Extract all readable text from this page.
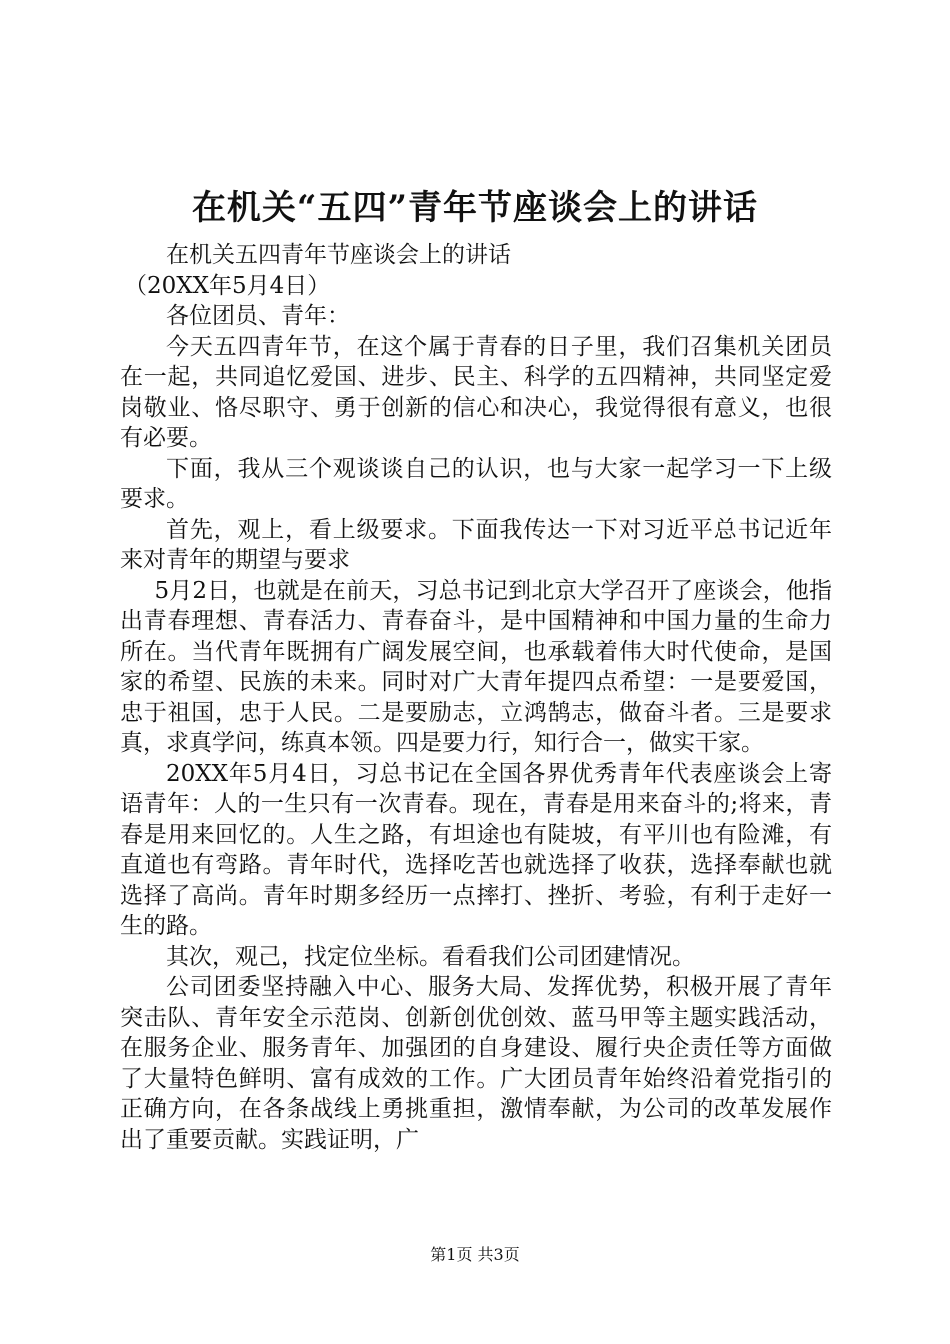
在机关“五四”青年节座谈会上的讲话

在机关五四青年节座谈会上的讲话

（20XX年5月4日）

各位团员、青年：

今天五四青年节，在这个属于青春的日子里，我们召集机关团员在一起，共同追忆爱国、进步、民主、科学的五四精神，共同坚定爱岗敬业、恪尽职守、勇于创新的信心和决心，我觉得很有意义，也很有必要。

下面，我从三个观谈谈自己的认识，也与大家一起学习一下上级要求。

首先，观上，看上级要求。下面我传达一下对习近平总书记近年来对青年的期望与要求

5月2日，也就是在前天，习总书记到北京大学召开了座谈会，他指出青春理想、青春活力、青春奋斗，是中国精神和中国力量的生命力所在。当代青年既拥有广阔发展空间，也承载着伟大时代使命，是国家的希望、民族的未来。同时对广大青年提四点希望：一是要爱国，忠于祖国，忠于人民。二是要励志，立鸿鹄志，做奋斗者。三是要求真，求真学问，练真本领。四是要力行，知行合一，做实干家。

20XX年5月4日，习总书记在全国各界优秀青年代表座谈会上寄语青年：人的一生只有一次青春。现在，青春是用来奋斗的;将来，青春是用来回忆的。人生之路，有坦途也有陡坡，有平川也有险滩，有直道也有弯路。青年时代，选择吃苦也就选择了收获，选择奉献也就选择了高尚。青年时期多经历一点摔打、挫折、考验，有利于走好一生的路。

其次，观己，找定位坐标。看看我们公司团建情况。

公司团委坚持融入中心、服务大局、发挥优势，积极开展了青年突击队、青年安全示范岗、创新创优创效、蓝马甲等主题实践活动，在服务企业、服务青年、加强团的自身建设、履行央企责任等方面做了大量特色鲜明、富有成效的工作。广大团员青年始终沿着党指引的正确方向，在各条战线上勇挑重担，激情奉献，为公司的改革发展作出了重要贡献。实践证明，广

第1页 共3页
